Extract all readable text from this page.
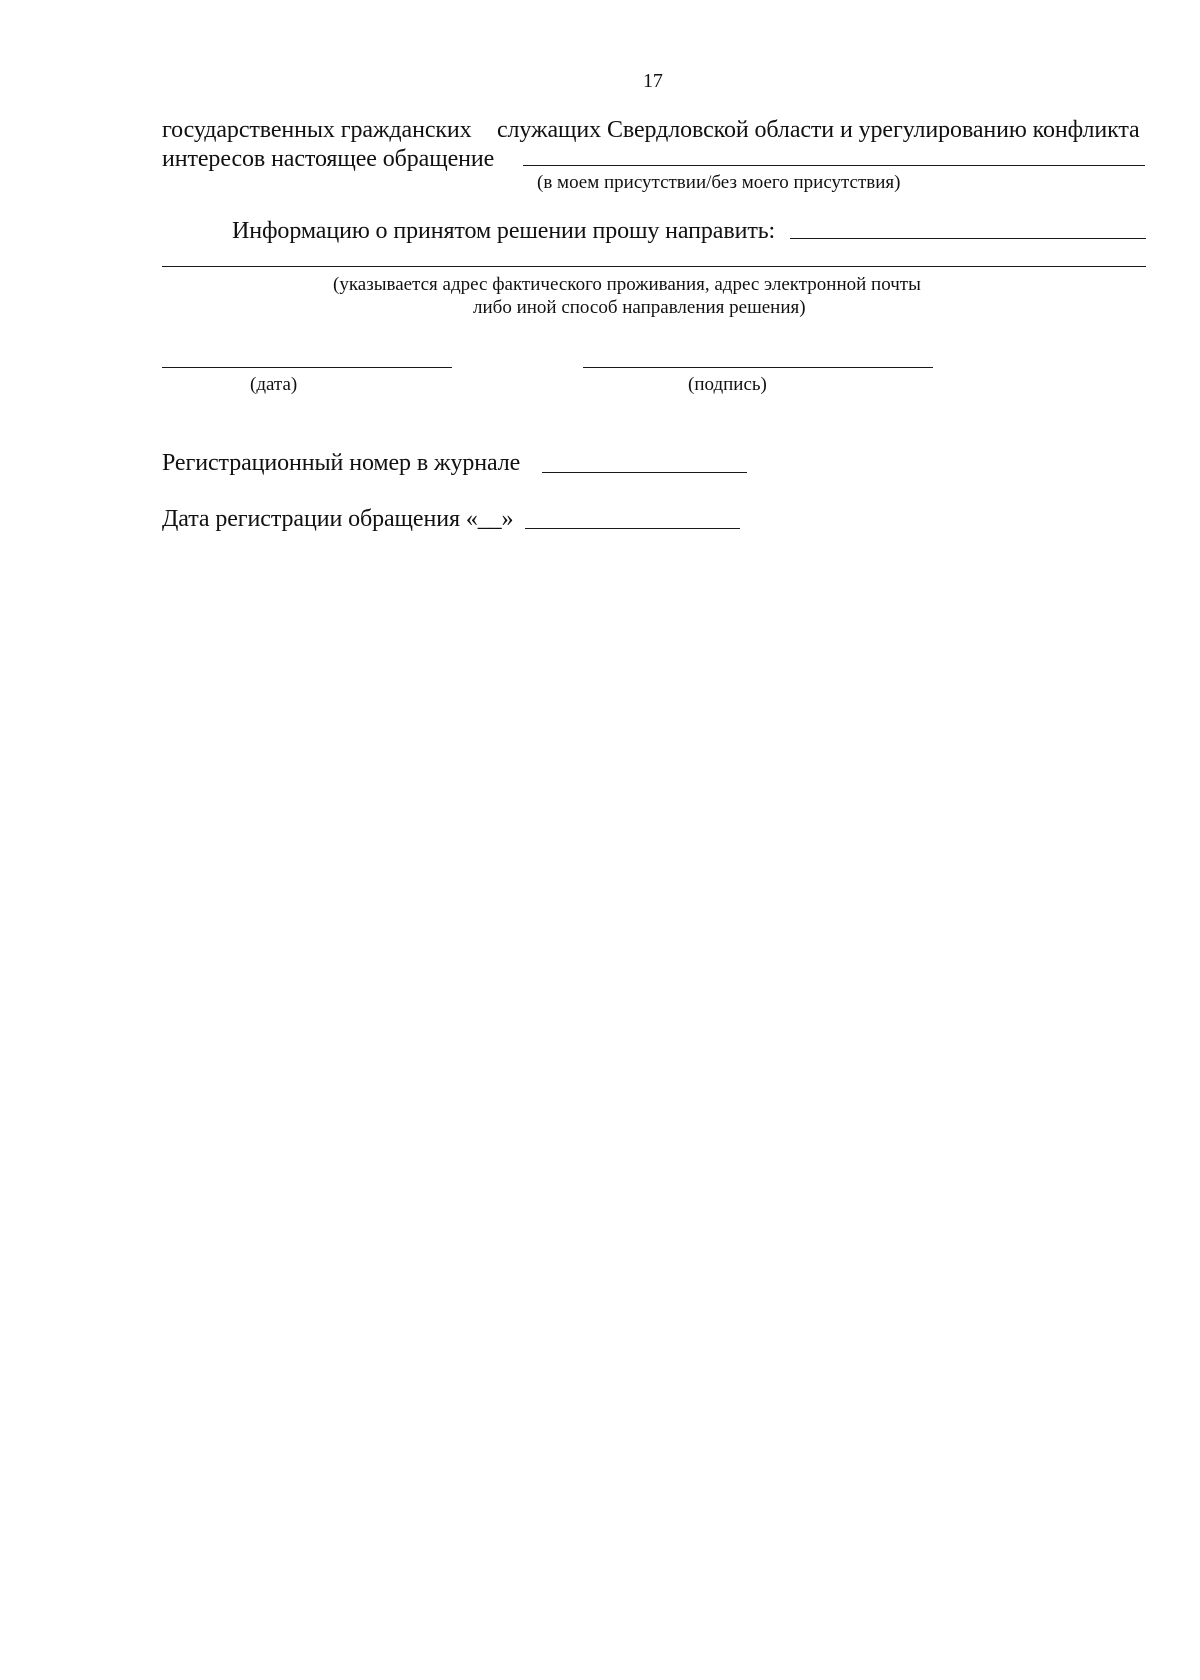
17
государственных гражданских служащих Свердловской области и урегулированию конфликта
интересов настоящее обращение
(в моем присутствии/без моего присутствия)
Информацию о принятом решении прошу направить:
(указывается адрес фактического проживания, адрес электронной почты
либо иной способ направления решения)
(дата)	(подпись)
Регистрационный номер в журнале
Дата регистрации обращения «__»
